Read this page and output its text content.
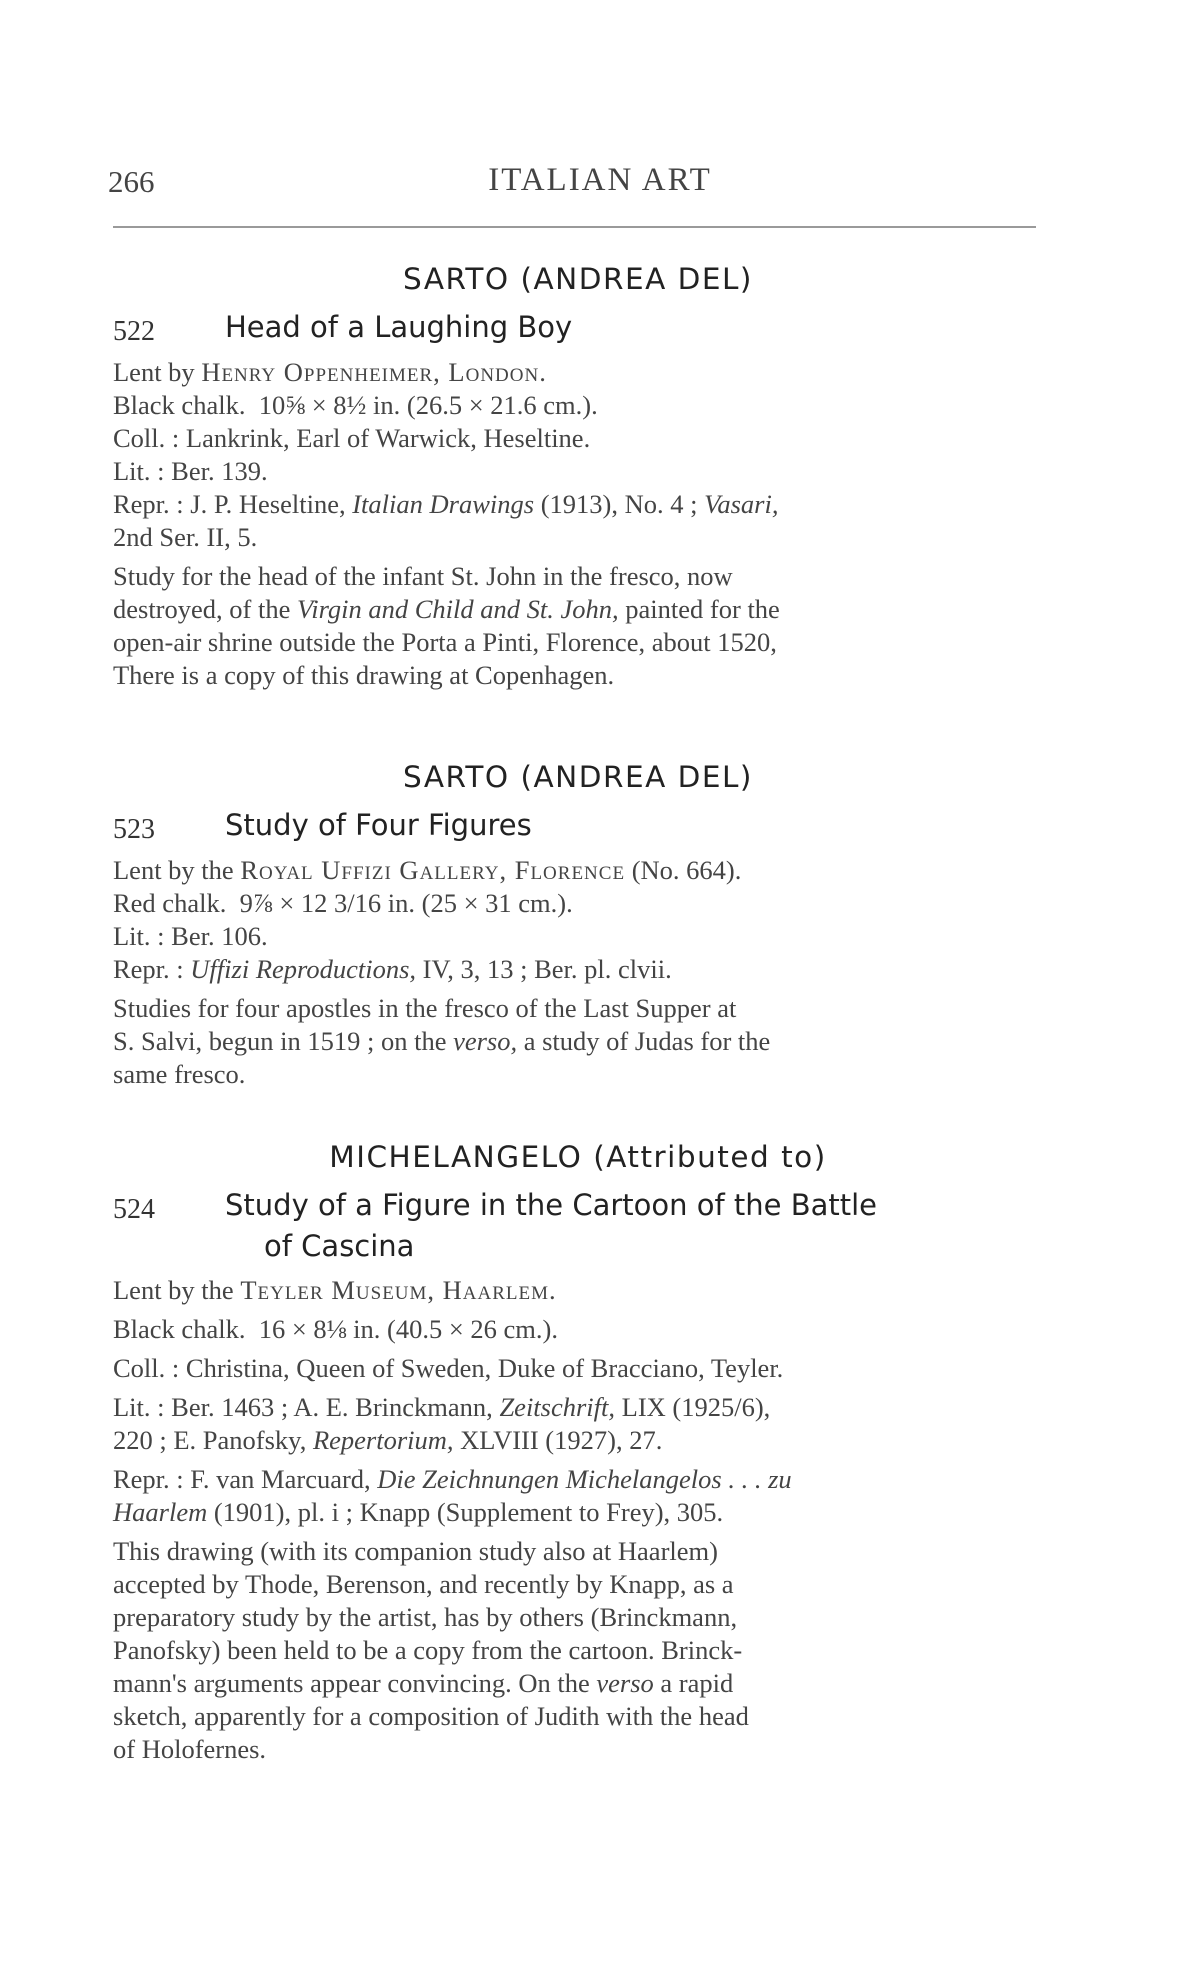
266	ITALIAN ART
SARTO (ANDREA DEL)
522 Head of a Laughing Boy
Lent by Henry Oppenheimer, London.
Black chalk. 10⅝ × 8½ in. (26.5 × 21.6 cm.).
Coll. : Lankrink, Earl of Warwick, Heseltine.
Lit. : Ber. 139.
Repr. : J. P. Heseltine, Italian Drawings (1913), No. 4 ; Vasari,
2nd Ser. II, 5.
Study for the head of the infant St. John in the fresco, now
destroyed, of the Virgin and Child and St. John, painted for the
open-air shrine outside the Porta a Pinti, Florence, about 1520,
There is a copy of this drawing at Copenhagen.
SARTO (ANDREA DEL)
523 Study of Four Figures
Lent by the Royal Uffizi Gallery, Florence (No. 664).
Red chalk. 9⅞ × 12 3/16 in. (25 × 31 cm.).
Lit. : Ber. 106.
Repr. : Uffizi Reproductions, IV, 3, 13 ; Ber. pl. clvii.
Studies for four apostles in the fresco of the Last Supper at
S. Salvi, begun in 1519 ; on the verso, a study of Judas for the
same fresco.
MICHELANGELO (Attributed to)
524 Study of a Figure in the Cartoon of the Battle
of Cascina
Lent by the Teyler Museum, Haarlem.
Black chalk. 16 × 8⅛ in. (40.5 × 26 cm.).
Coll. : Christina, Queen of Sweden, Duke of Bracciano, Teyler.
Lit. : Ber. 1463 ; A. E. Brinckmann, Zeitschrift, LIX (1925/6),
220 ; E. Panofsky, Repertorium, XLVIII (1927), 27.
Repr. : F. van Marcuard, Die Zeichnungen Michelangelos . . . zu
Haarlem (1901), pl. i ; Knapp (Supplement to Frey), 305.
This drawing (with its companion study also at Haarlem)
accepted by Thode, Berenson, and recently by Knapp, as a
preparatory study by the artist, has by others (Brinckmann,
Panofsky) been held to be a copy from the cartoon. Brinck-
mann's arguments appear convincing. On the verso a rapid
sketch, apparently for a composition of Judith with the head
of Holofernes.
